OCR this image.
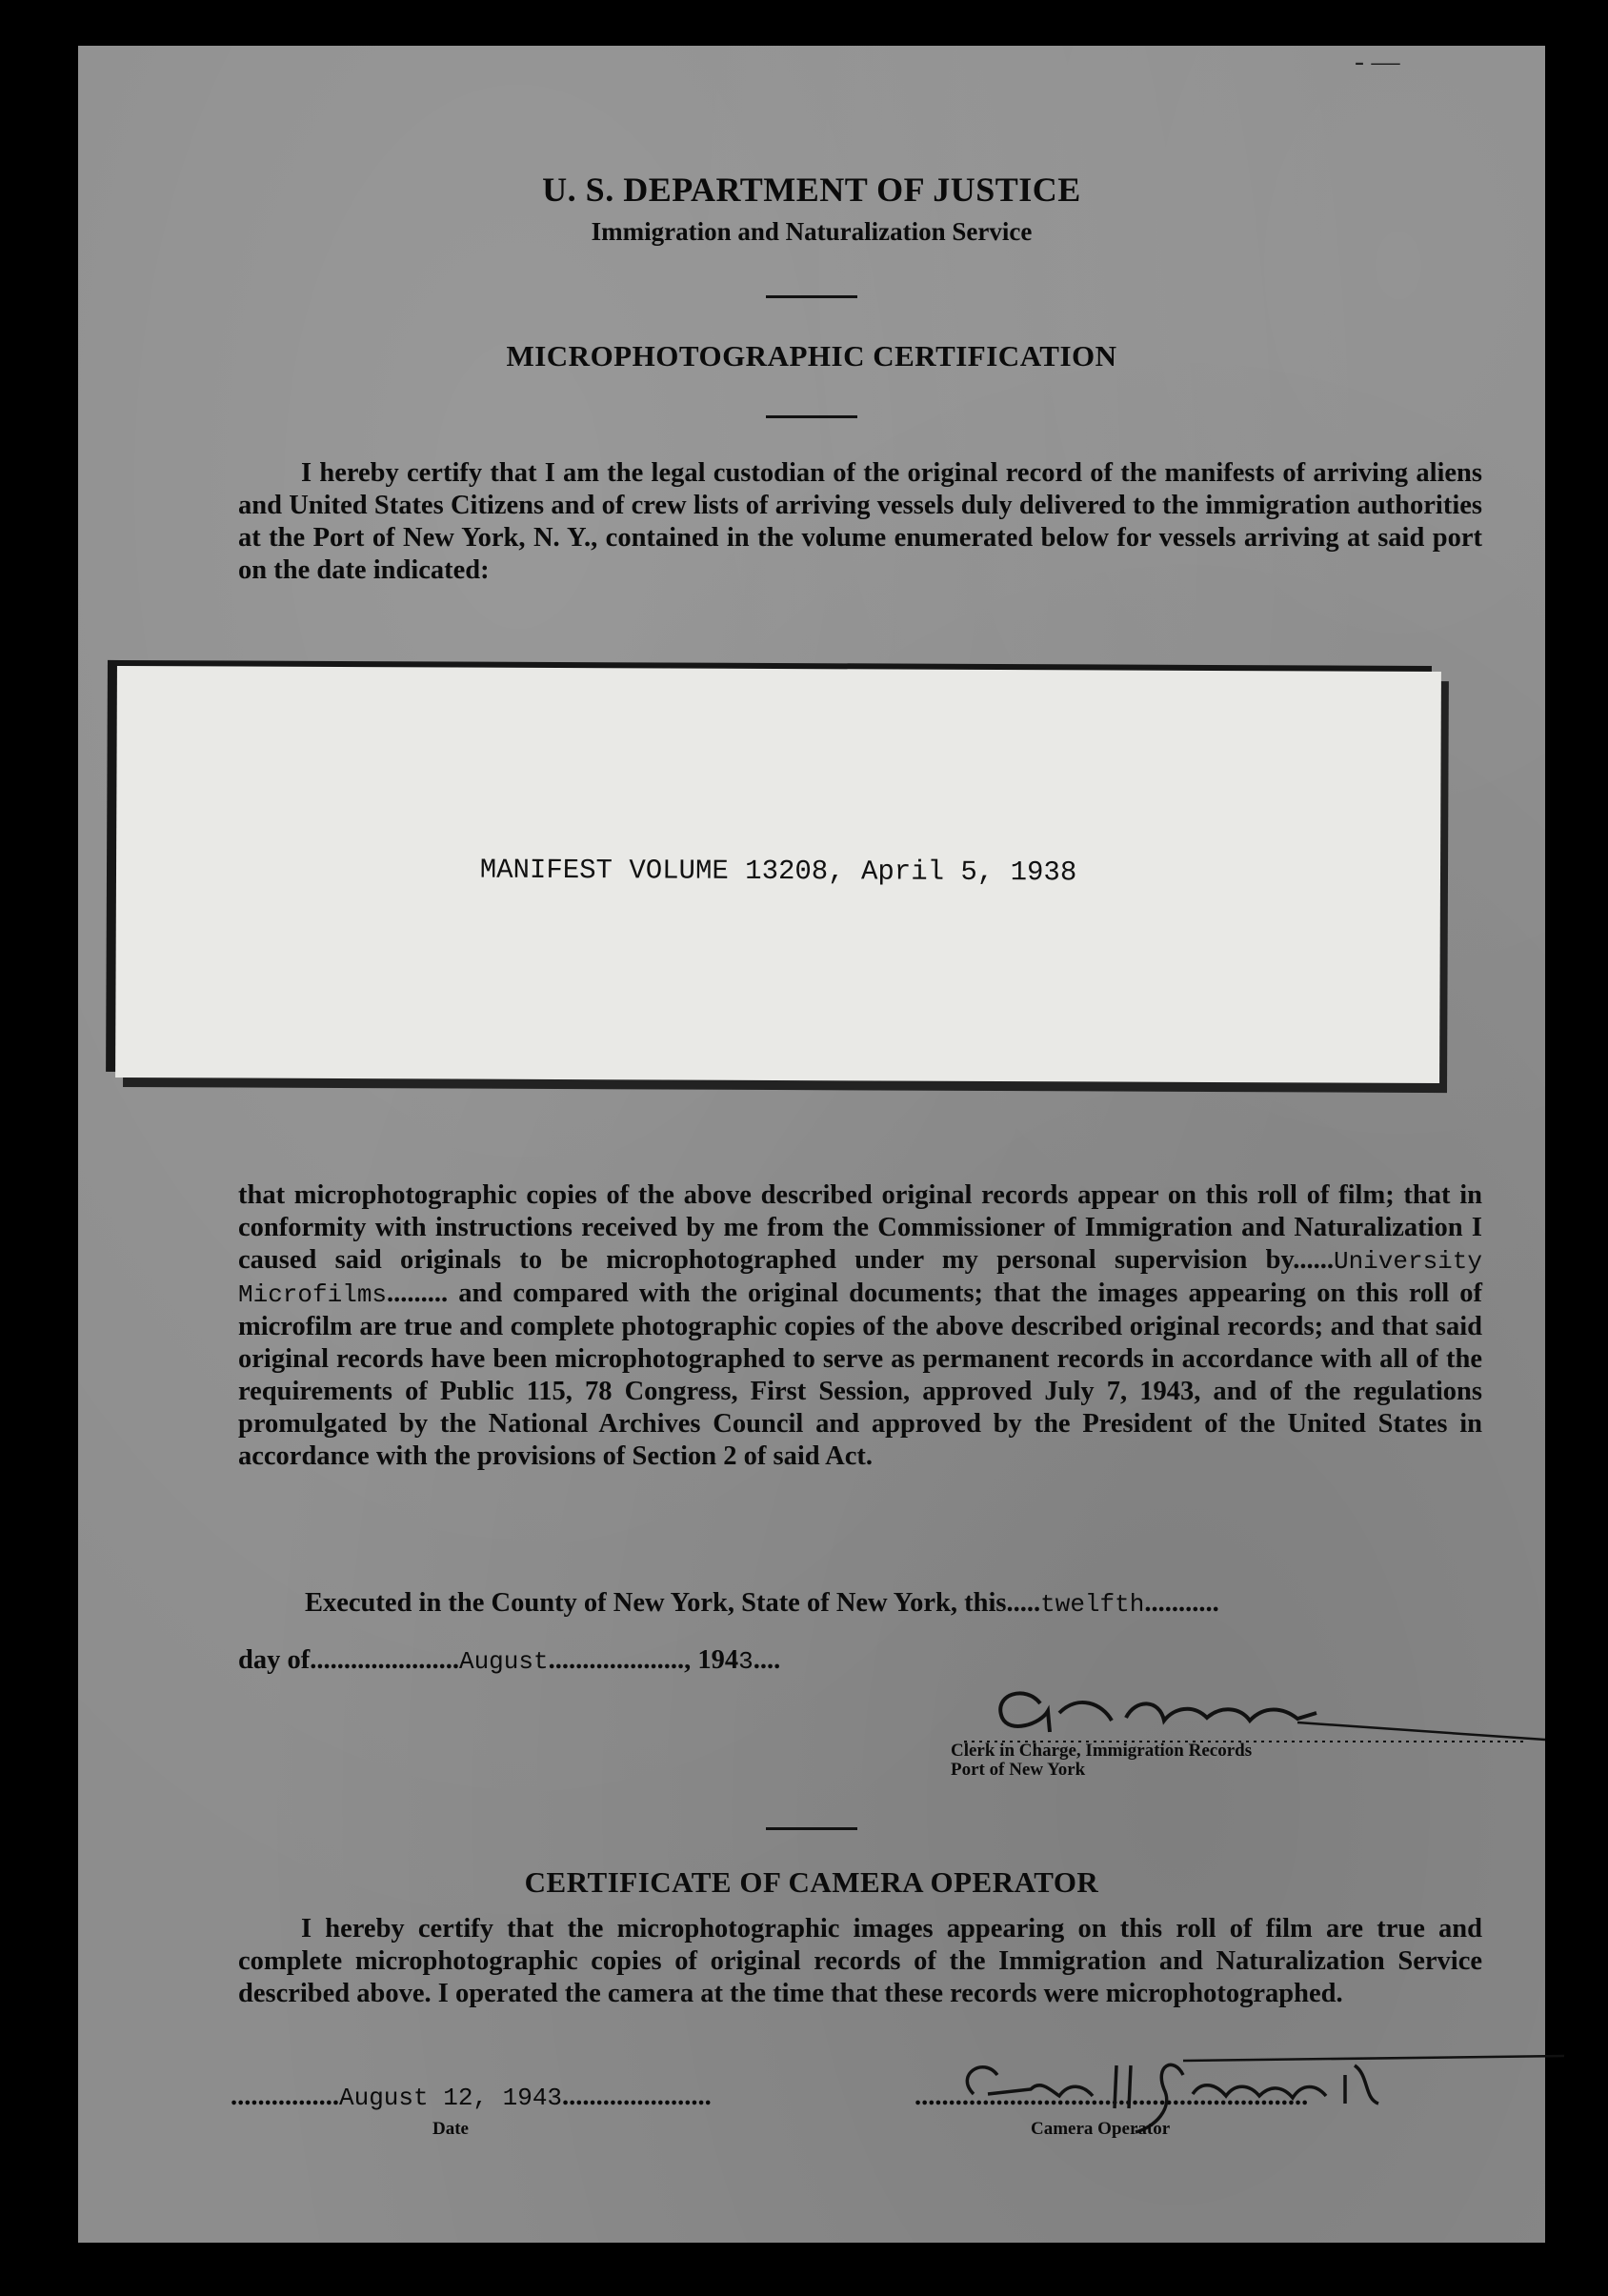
- ―
U. S. DEPARTMENT OF JUSTICE
Immigration and Naturalization Service
MICROPHOTOGRAPHIC CERTIFICATION
I hereby certify that I am the legal custodian of the original record of the manifests of arriving aliens and United States Citizens and of crew lists of arriving vessels duly delivered to the immigration authorities at the Port of New York, N. Y., contained in the volume enumerated below for vessels arriving at said port on the date indicated:
MANIFEST VOLUME 13208, April 5, 1938
that microphotographic copies of the above described original records appear on this roll of film; that in conformity with instructions received by me from the Commissioner of Immigration and Naturalization I caused said originals to be microphotographed under my personal supervision by......University Microfilms......... and compared with the original documents; that the images appearing on this roll of microfilm are true and complete photographic copies of the above described original records; and that said original records have been microphotographed to serve as permanent records in accordance with all of the requirements of Public 115, 78 Congress, First Session, approved July 7, 1943, and of the regulations promulgated by the National Archives Council and approved by the President of the United States in accordance with the provisions of Section 2 of said Act.
Executed in the County of New York, State of New York, this.....twelfth...........
day of......................August...................., 1943....
Clerk in Charge, Immigration Records
Port of New York
CERTIFICATE OF CAMERA OPERATOR
I hereby certify that the microphotographic images appearing on this roll of film are true and complete microphotographic copies of original records of the Immigration and Naturalization Service described above. I operated the camera at the time that these records were microphotographed.
................August 12, 1943......................
Date
..........................................................
Camera Operator
